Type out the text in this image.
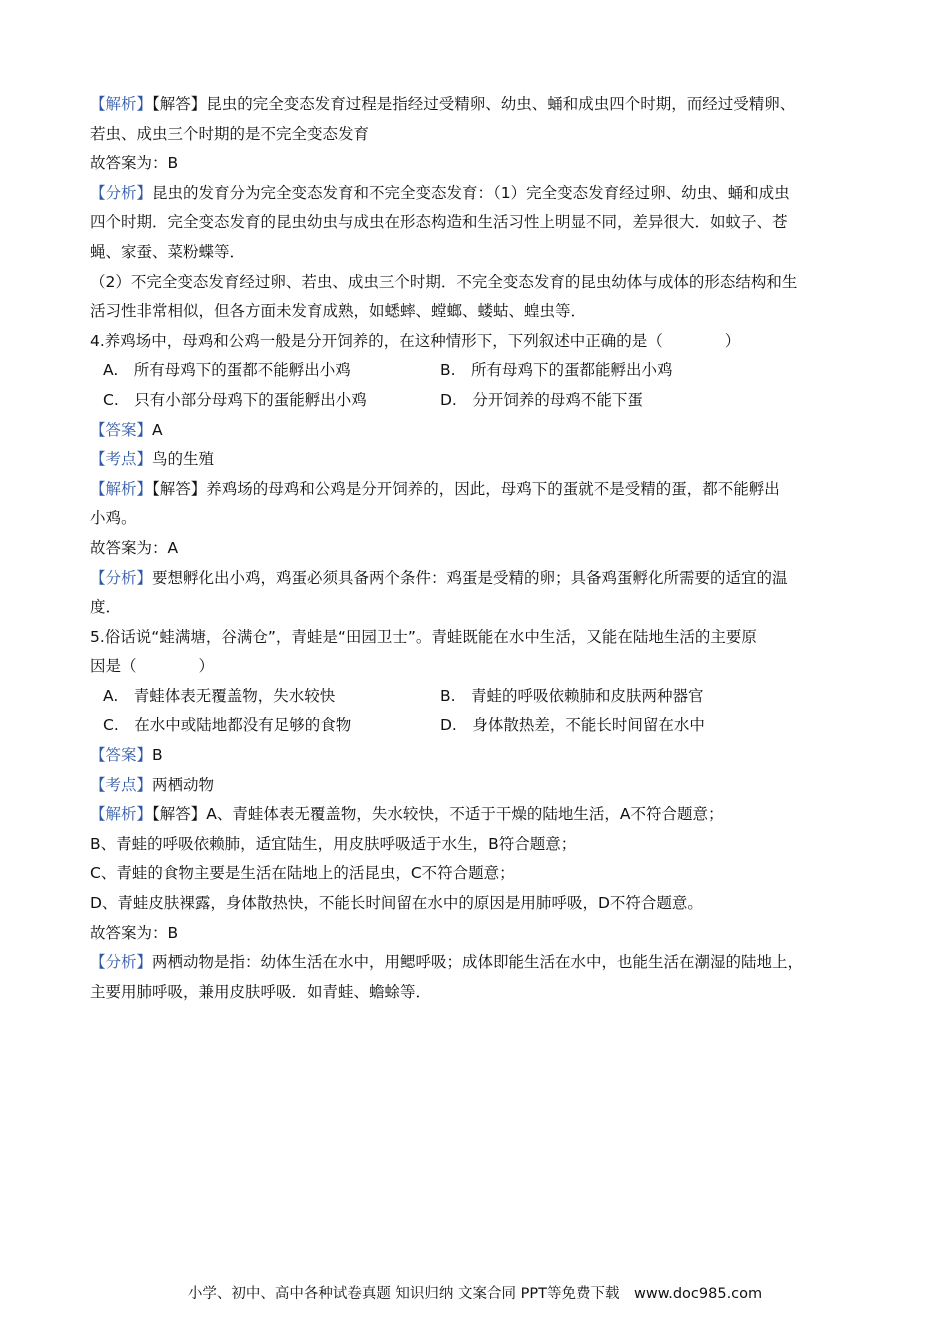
【解析】【解答】昆虫的完全变态发育过程是指经过受精卵、幼虫、蛹和成虫四个时期，而经过受精卵、
若虫、成虫三个时期的是不完全变态发育
故答案为：B
【分析】昆虫的发育分为完全变态发育和不完全变态发育：（1）完全变态发育经过卵、幼虫、蛹和成虫
四个时期．完全变态发育的昆虫幼虫与成虫在形态构造和生活习性上明显不同，差异很大．如蚊子、苍
蝇、家蚕、菜粉蝶等．
（2）不完全变态发育经过卵、若虫、成虫三个时期．不完全变态发育的昆虫幼体与成体的形态结构和生
活习性非常相似，但各方面未发育成熟，如蟋蟀、螳螂、蝼蛄、蝗虫等．
4.养鸡场中，母鸡和公鸡一般是分开饲养的，在这种情形下，下列叙述中正确的是（　　　　）
A.　所有母鸡下的蛋都不能孵出小鸡	B.　所有母鸡下的蛋都能孵出小鸡
C.　只有小部分母鸡下的蛋能孵出小鸡	D.　分开饲养的母鸡不能下蛋
【答案】A
【考点】鸟的生殖
【解析】【解答】养鸡场的母鸡和公鸡是分开饲养的，因此，母鸡下的蛋就不是受精的蛋，都不能孵出
小鸡。
故答案为：A
【分析】要想孵化出小鸡，鸡蛋必须具备两个条件：鸡蛋是受精的卵；具备鸡蛋孵化所需要的适宜的温
度．
5.俗话说“蛙满塘，谷满仓”，青蛙是“田园卫士”。青蛙既能在水中生活，又能在陆地生活的主要原
因是（　　　　）
A.　青蛙体表无覆盖物，失水较快	B.　青蛙的呼吸依赖肺和皮肤两种器官
C.　在水中或陆地都没有足够的食物	D.　身体散热差，不能长时间留在水中
【答案】B
【考点】两栖动物
【解析】【解答】A、青蛙体表无覆盖物，失水较快，不适于干燥的陆地生活，A不符合题意；
B、青蛙的呼吸依赖肺，适宜陆生，用皮肤呼吸适于水生，B符合题意；
C、青蛙的食物主要是生活在陆地上的活昆虫，C不符合题意；
D、青蛙皮肤裸露，身体散热快，不能长时间留在水中的原因是用肺呼吸，D不符合题意。
故答案为：B
【分析】两栖动物是指：幼体生活在水中，用鳃呼吸；成体即能生活在水中，也能生活在潮湿的陆地上，
主要用肺呼吸，兼用皮肤呼吸．如青蛙、蟾蜍等．
小学、初中、高中各种试卷真题 知识归纳 文案合同 PPT等免费下载　www.doc985.com
